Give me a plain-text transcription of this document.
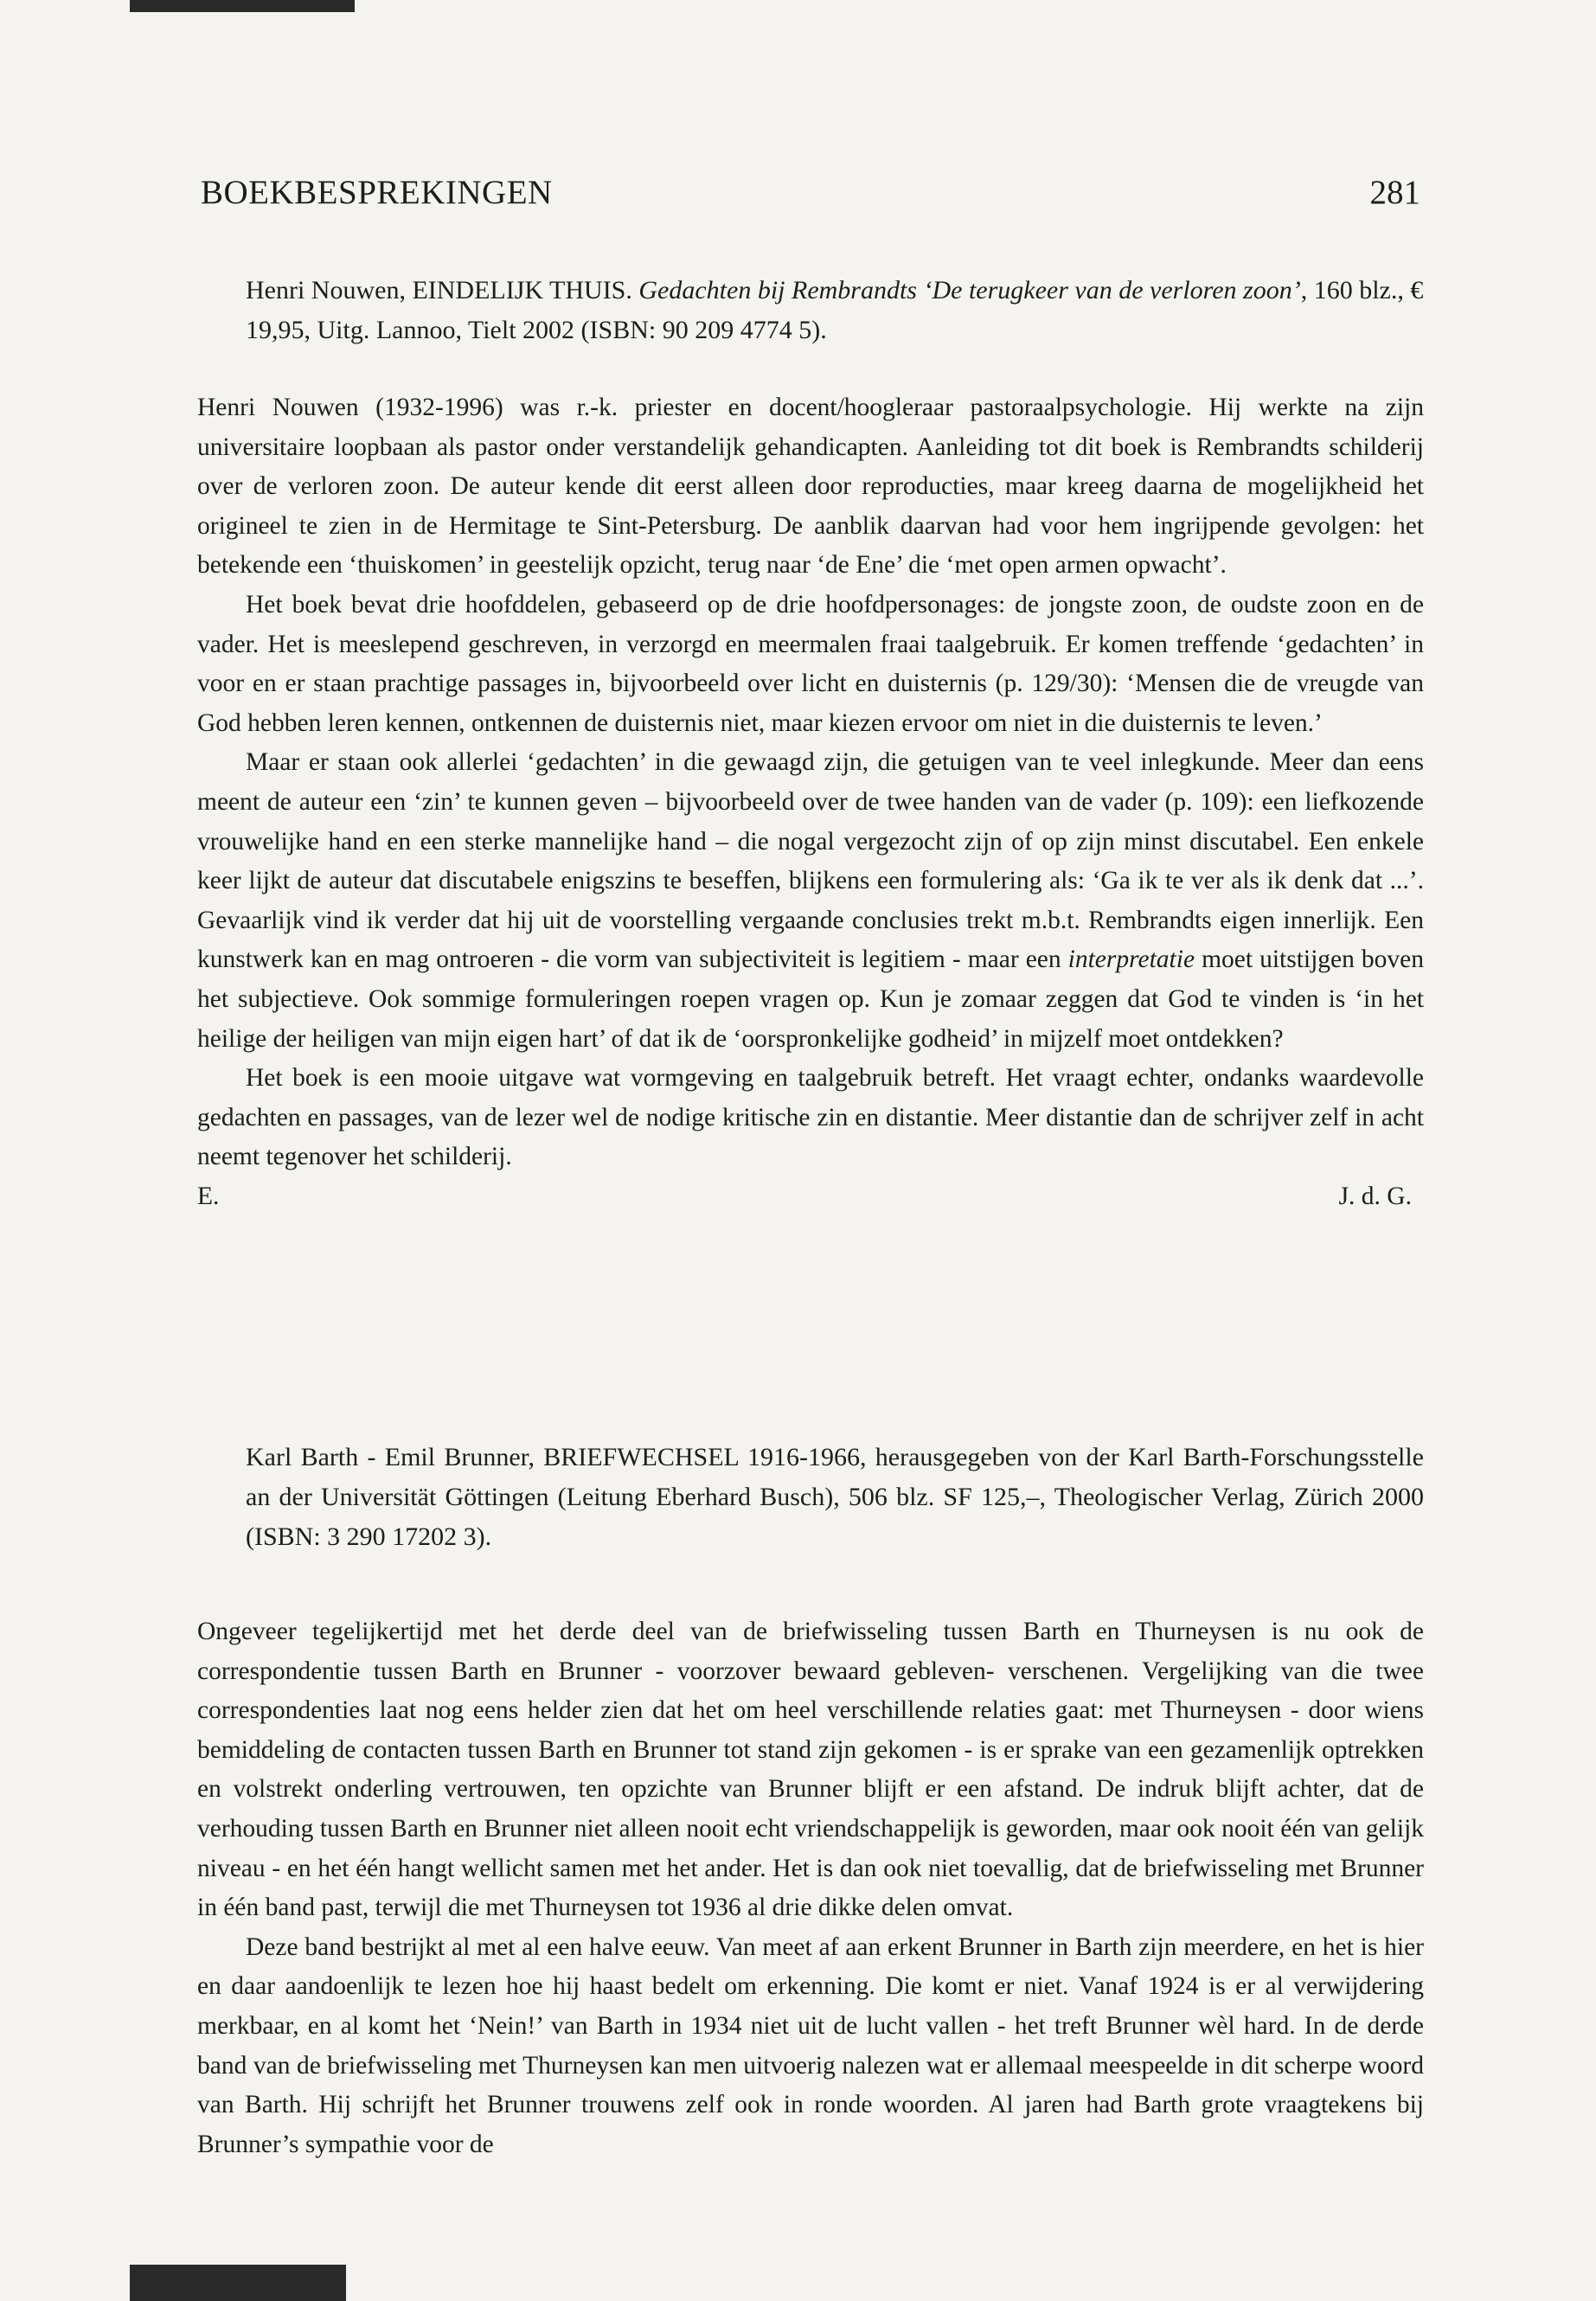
BOEKBESPREKINGEN	281

Henri Nouwen, EINDELIJK THUIS. Gedachten bij Rembrandts ‘De terugkeer van de verloren zoon’, 160 blz., € 19,95, Uitg. Lannoo, Tielt 2002 (ISBN: 90 209 4774 5).

Henri Nouwen (1932-1996) was r.-k. priester en docent/hoogleraar pastoraalpsychologie. Hij werkte na zijn universitaire loopbaan als pastor onder verstandelijk gehandicapten. Aanleiding tot dit boek is Rembrandts schilderij over de verloren zoon. De auteur kende dit eerst alleen door reproducties, maar kreeg daarna de mogelijkheid het origineel te zien in de Hermitage te Sint-Petersburg. De aanblik daarvan had voor hem ingrijpende gevolgen: het betekende een ‘thuiskomen’ in geestelijk opzicht, terug naar ‘de Ene’ die ‘met open armen opwacht’.

Het boek bevat drie hoofddelen, gebaseerd op de drie hoofdpersonages: de jongste zoon, de oudste zoon en de vader. Het is meeslepend geschreven, in verzorgd en meermalen fraai taalgebruik. Er komen treffende ‘gedachten’ in voor en er staan prachtige passages in, bijvoorbeeld over licht en duisternis (p. 129/30): ‘Mensen die de vreugde van God hebben leren kennen, ontkennen de duisternis niet, maar kiezen ervoor om niet in die duisternis te leven.’

Maar er staan ook allerlei ‘gedachten’ in die gewaagd zijn, die getuigen van te veel inlegkunde. Meer dan eens meent de auteur een ‘zin’ te kunnen geven – bijvoorbeeld over de twee handen van de vader (p. 109): een liefkozende vrouwelijke hand en een sterke mannelijke hand – die nogal vergezocht zijn of op zijn minst discutabel. Een enkele keer lijkt de auteur dat discutabele enigszins te beseffen, blijkens een formulering als: ‘Ga ik te ver als ik denk dat ...’. Gevaarlijk vind ik verder dat hij uit de voorstelling vergaande conclusies trekt m.b.t. Rembrandts eigen innerlijk. Een kunstwerk kan en mag ontroeren - die vorm van subjectiviteit is legitiem - maar een interpretatie moet uitstijgen boven het subjectieve. Ook sommige formuleringen roepen vragen op. Kun je zomaar zeggen dat God te vinden is ‘in het heilige der heiligen van mijn eigen hart’ of dat ik de ‘oorspronkelijke godheid’ in mijzelf moet ontdekken?

Het boek is een mooie uitgave wat vormgeving en taalgebruik betreft. Het vraagt echter, ondanks waardevolle gedachten en passages, van de lezer wel de nodige kritische zin en distantie. Meer distantie dan de schrijver zelf in acht neemt tegenover het schilderij.

E.	J. d. G.

Karl Barth - Emil Brunner, BRIEFWECHSEL 1916-1966, herausgegeben von der Karl Barth-Forschungsstelle an der Universität Göttingen (Leitung Eberhard Busch), 506 blz. SF 125,–, Theologischer Verlag, Zürich 2000 (ISBN: 3 290 17202 3).

Ongeveer tegelijkertijd met het derde deel van de briefwisseling tussen Barth en Thurneysen is nu ook de correspondentie tussen Barth en Brunner - voorzover bewaard gebleven- verschenen. Vergelijking van die twee correspondenties laat nog eens helder zien dat het om heel verschillende relaties gaat: met Thurneysen - door wiens bemiddeling de contacten tussen Barth en Brunner tot stand zijn gekomen - is er sprake van een gezamenlijk optrekken en volstrekt onderling vertrouwen, ten opzichte van Brunner blijft er een afstand. De indruk blijft achter, dat de verhouding tussen Barth en Brunner niet alleen nooit echt vriendschappelijk is geworden, maar ook nooit één van gelijk niveau - en het één hangt wellicht samen met het ander. Het is dan ook niet toevallig, dat de briefwisseling met Brunner in één band past, terwijl die met Thurneysen tot 1936 al drie dikke delen omvat.

Deze band bestrijkt al met al een halve eeuw. Van meet af aan erkent Brunner in Barth zijn meerdere, en het is hier en daar aandoenlijk te lezen hoe hij haast bedelt om erkenning. Die komt er niet. Vanaf 1924 is er al verwijdering merkbaar, en al komt het ‘Nein!’ van Barth in 1934 niet uit de lucht vallen - het treft Brunner wèl hard. In de derde band van de briefwisseling met Thurneysen kan men uitvoerig nalezen wat er allemaal meespeelde in dit scherpe woord van Barth. Hij schrijft het Brunner trouwens zelf ook in ronde woorden. Al jaren had Barth grote vraagtekens bij Brunner’s sympathie voor de
